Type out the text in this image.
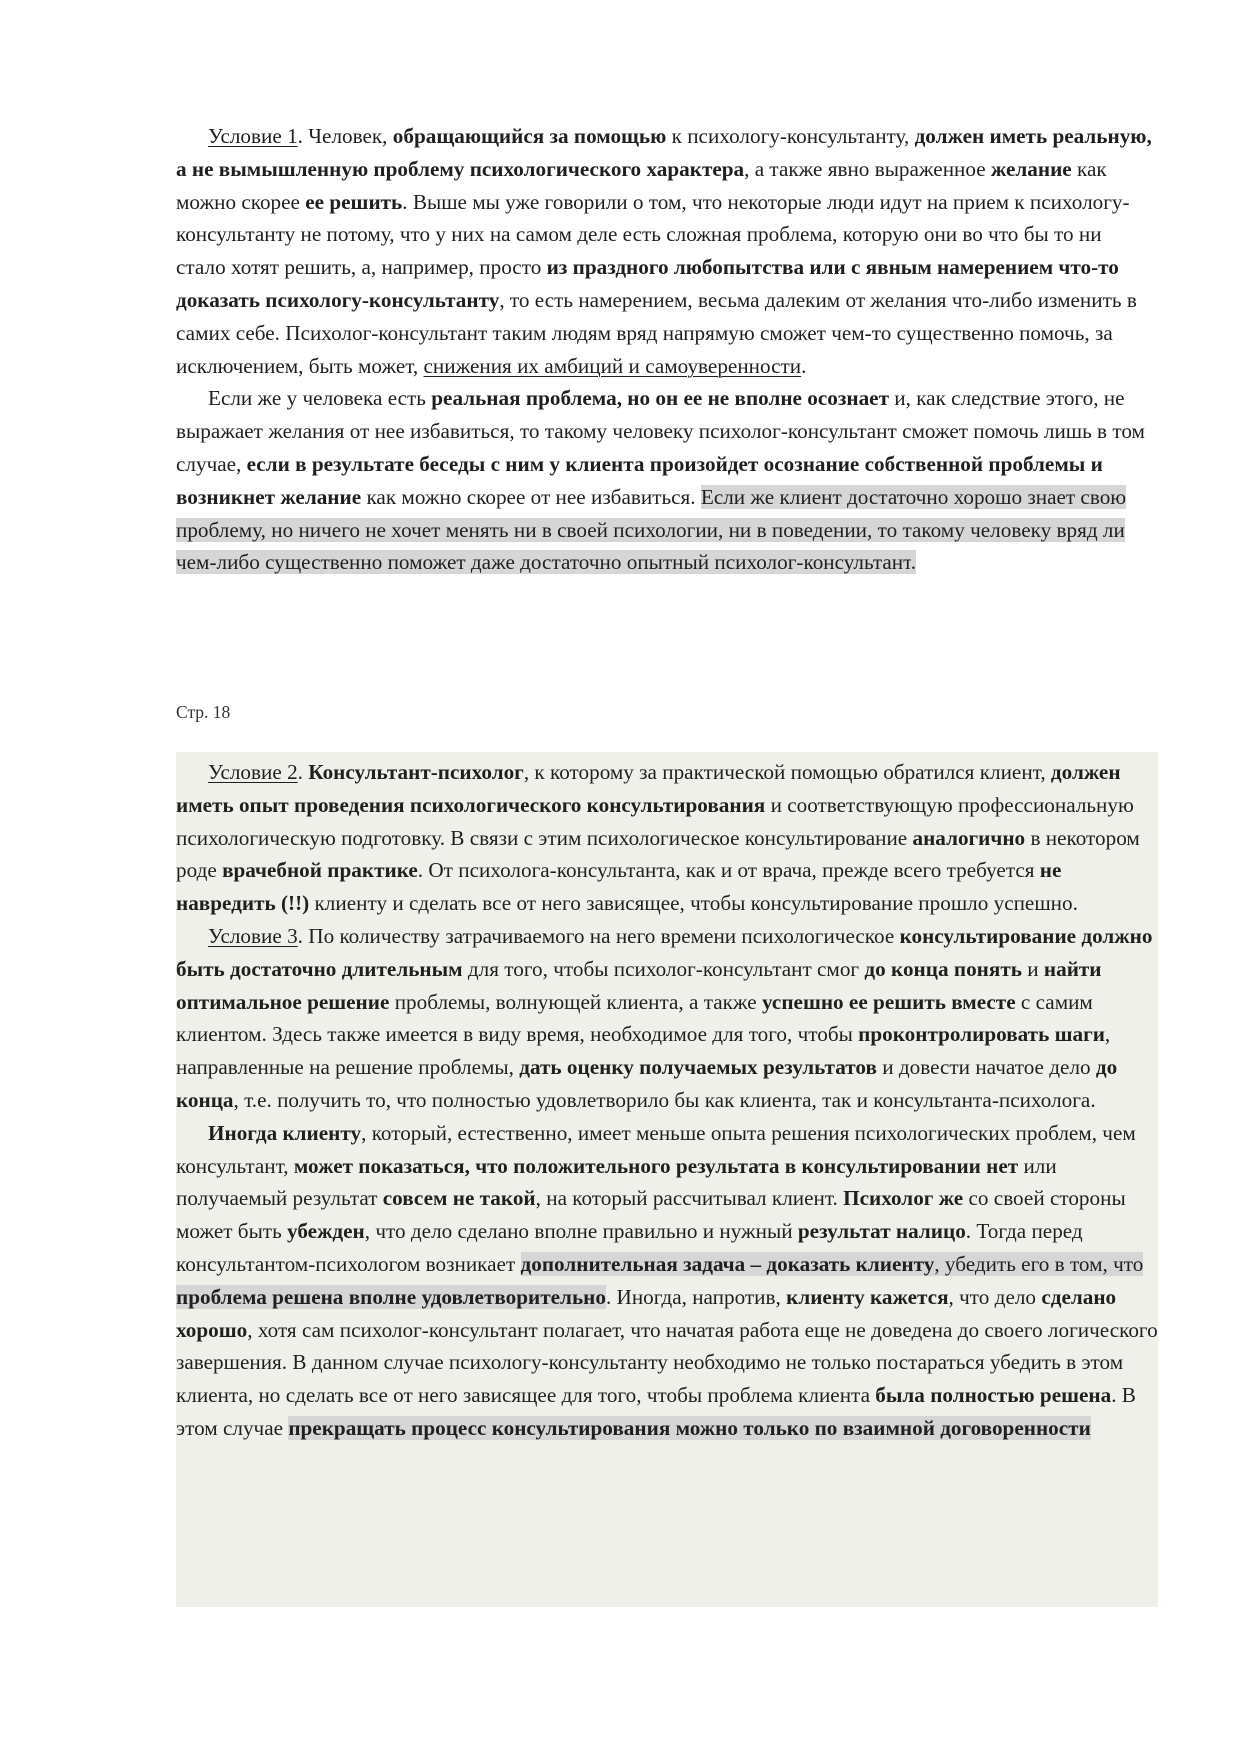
Условие 1. Человек, обращающийся за помощью к психологу-консультанту, должен иметь реальную, а не вымышленную проблему психологического характера, а также явно выраженное желание как можно скорее ее решить. Выше мы уже говорили о том, что некоторые люди идут на прием к психологу-консультанту не потому, что у них на самом деле есть сложная проблема, которую они во что бы то ни стало хотят решить, а, например, просто из праздного любопытства или с явным намерением что-то доказать психологу-консультанту, то есть намерением, весьма далеким от желания что-либо изменить в самих себе. Психолог-консультант таким людям вряд напрямую сможет чем-то существенно помочь, за исключением, быть может, снижения их амбиций и самоуверенности.

Если же у человека есть реальная проблема, но он ее не вполне осознает и, как следствие этого, не выражает желания от нее избавиться, то такому человеку психолог-консультант сможет помочь лишь в том случае, если в результате беседы с ним у клиента произойдет осознание собственной проблемы и возникнет желание как можно скорее от нее избавиться. Если же клиент достаточно хорошо знает свою проблему, но ничего не хочет менять ни в своей психологии, ни в поведении, то такому человеку вряд ли чем-либо существенно поможет даже достаточно опытный психолог-консультант.

Стр. 18

Условие 2. Консультант-психолог, к которому за практической помощью обратился клиент, должен иметь опыт проведения психологического консультирования и соответствующую профессиональную психологическую подготовку. В связи с этим психологическое консультирование аналогично в некотором роде врачебной практике. От психолога-консультанта, как и от врача, прежде всего требуется не навредить (!!) клиенту и сделать все от него зависящее, чтобы консультирование прошло успешно.

Условие 3. По количеству затрачиваемого на него времени психологическое консультирование должно быть достаточно длительным для того, чтобы психолог-консультант смог до конца понять и найти оптимальное решение проблемы, волнующей клиента, а также успешно ее решить вместе с самим клиентом. Здесь также имеется в виду время, необходимое для того, чтобы проконтролировать шаги, направленные на решение проблемы, дать оценку получаемых результатов и довести начатое дело до конца, т.е. получить то, что полностью удовлетворило бы как клиента, так и консультанта-психолога.

Иногда клиенту, который, естественно, имеет меньше опыта решения психологических проблем, чем консультант, может показаться, что положительного результата в консультировании нет или получаемый результат совсем не такой, на который рассчитывал клиент. Психолог же со своей стороны может быть убежден, что дело сделано вполне правильно и нужный результат налицо. Тогда перед консультантом-психологом возникает дополнительная задача – доказать клиенту, убедить его в том, что проблема решена вполне удовлетворительно. Иногда, напротив, клиенту кажется, что дело сделано хорошо, хотя сам психолог-консультант полагает, что начатая работа еще не доведена до своего логического завершения. В данном случае психологу-консультанту необходимо не только постараться убедить в этом клиента, но сделать все от него зависящее для того, чтобы проблема клиента была полностью решена. В этом случае прекращать процесс консультирования можно только по взаимной договоренности
